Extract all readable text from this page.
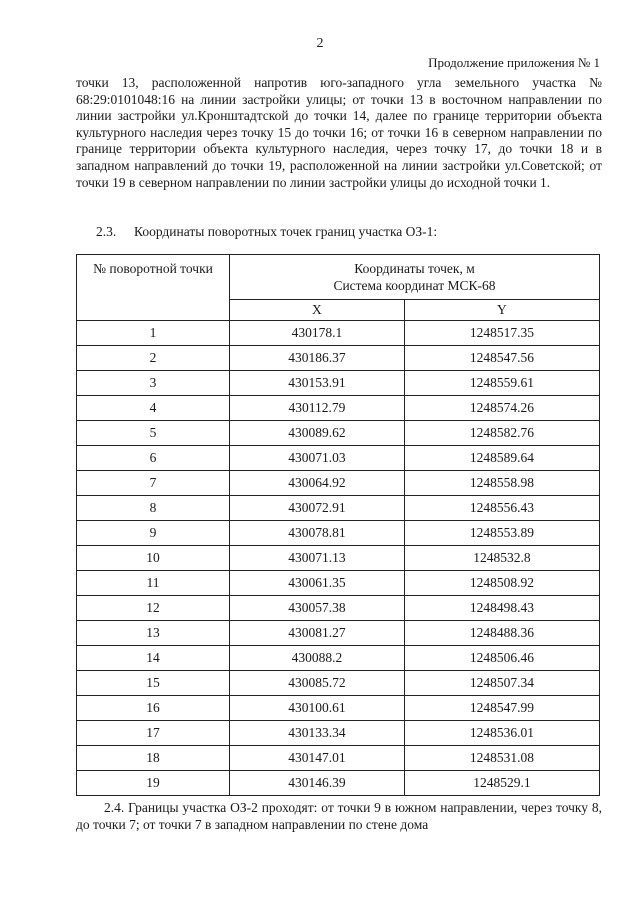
2
Продолжение приложения № 1

точки 13, расположенной напротив юго-западного угла земельного участка № 68:29:0101048:16 на линии застройки улицы; от точки 13 в восточном направлении по линии застройки ул.Кронштадтской до точки 14, далее по границе территории объекта культурного наследия через точку 15 до точки 16; от точки 16 в северном направлении по границе территории объекта культурного наследия, через точку 17, до точки 18 и в западном направлений до точки 19, расположенной на линии застройки ул.Советской; от точки 19 в северном направлении по линии застройки улицы до исходной точки 1.

2.3. Координаты поворотных точек границ участка ОЗ-1:
№ поворотной точки	Координаты точек, м
Система координат МСК-68	

	X	Y
1	430178.1	1248517.35
2	430186.37	1248547.56
3	430153.91	1248559.61
4	430112.79	1248574.26
5	430089.62	1248582.76
6	430071.03	1248589.64
7	430064.92	1248558.98
8	430072.91	1248556.43
9	430078.81	1248553.89
10	430071.13	1248532.8
11	430061.35	1248508.92
12	430057.38	1248498.43
13	430081.27	1248488.36
14	430088.2	1248506.46
15	430085.72	1248507.34
16	430100.61	1248547.99
17	430133.34	1248536.01
18	430147.01	1248531.08
19	430146.39	1248529.1

2.4. Границы участка ОЗ-2 проходят: от точки 9 в южном направлении, через точку 8, до точки 7; от точки 7 в западном направлении по стене дома
